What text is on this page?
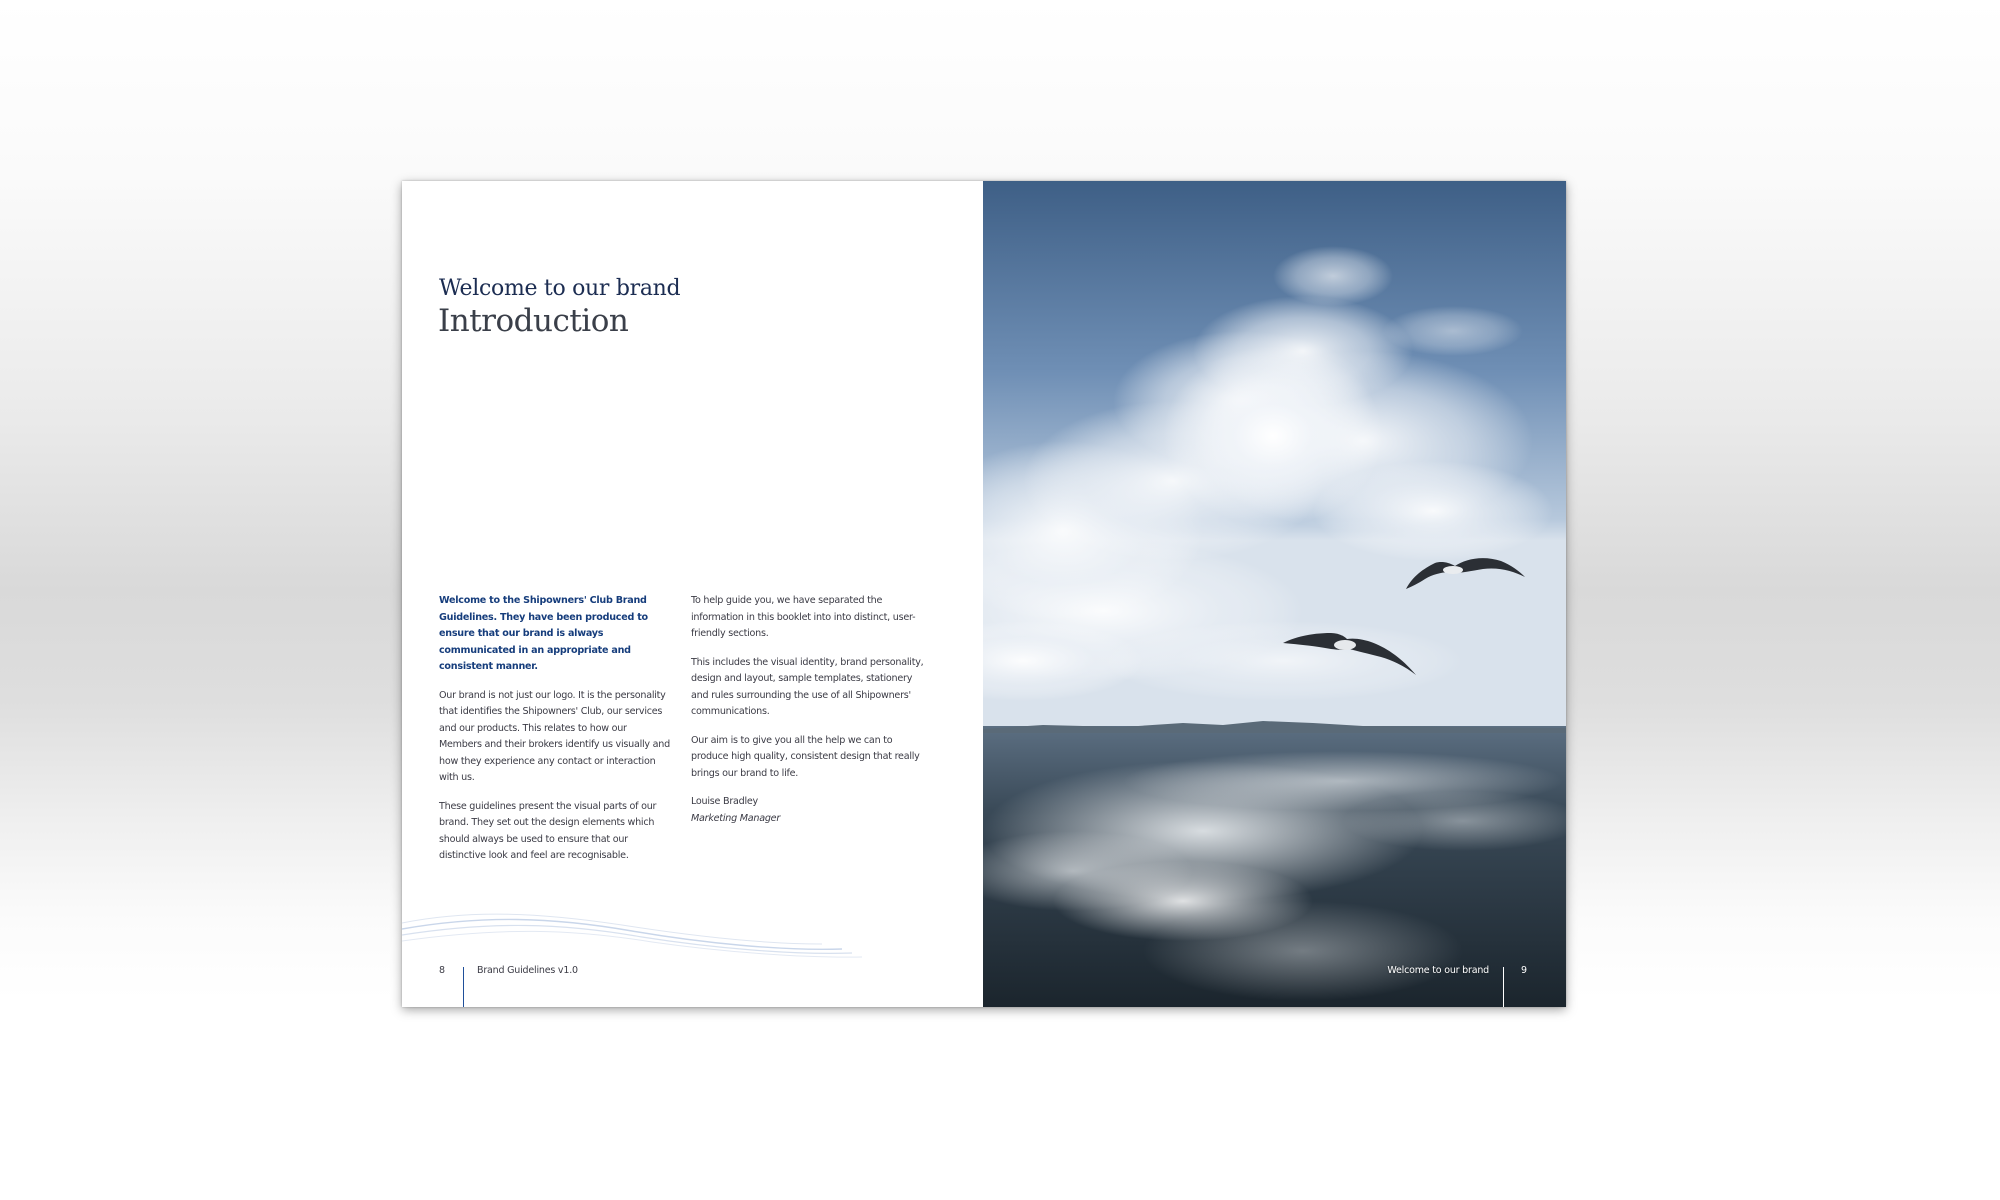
Welcome to our brand
Introduction

Welcome to the Shipowners' Club Brand Guidelines. They have been produced to ensure that our brand is always communicated in an appropriate and consistent manner.

Our brand is not just our logo. It is the personality that identifies the Shipowners' Club, our services and our products. This relates to how our Members and their brokers identify us visually and how they experience any contact or interaction with us.

These guidelines present the visual parts of our brand. They set out the design elements which should always be used to ensure that our distinctive look and feel are recognisable.

To help guide you, we have separated the information in this booklet into into distinct, user-friendly sections.

This includes the visual identity, brand personality, design and layout, sample templates, stationery and rules surrounding the use of all Shipowners' communications.

Our aim is to give you all the help we can to produce high quality, consistent design that really brings our brand to life.

Louise Bradley
Marketing Manager
8	Brand Guidelines v1.0	Welcome to our brand	9
